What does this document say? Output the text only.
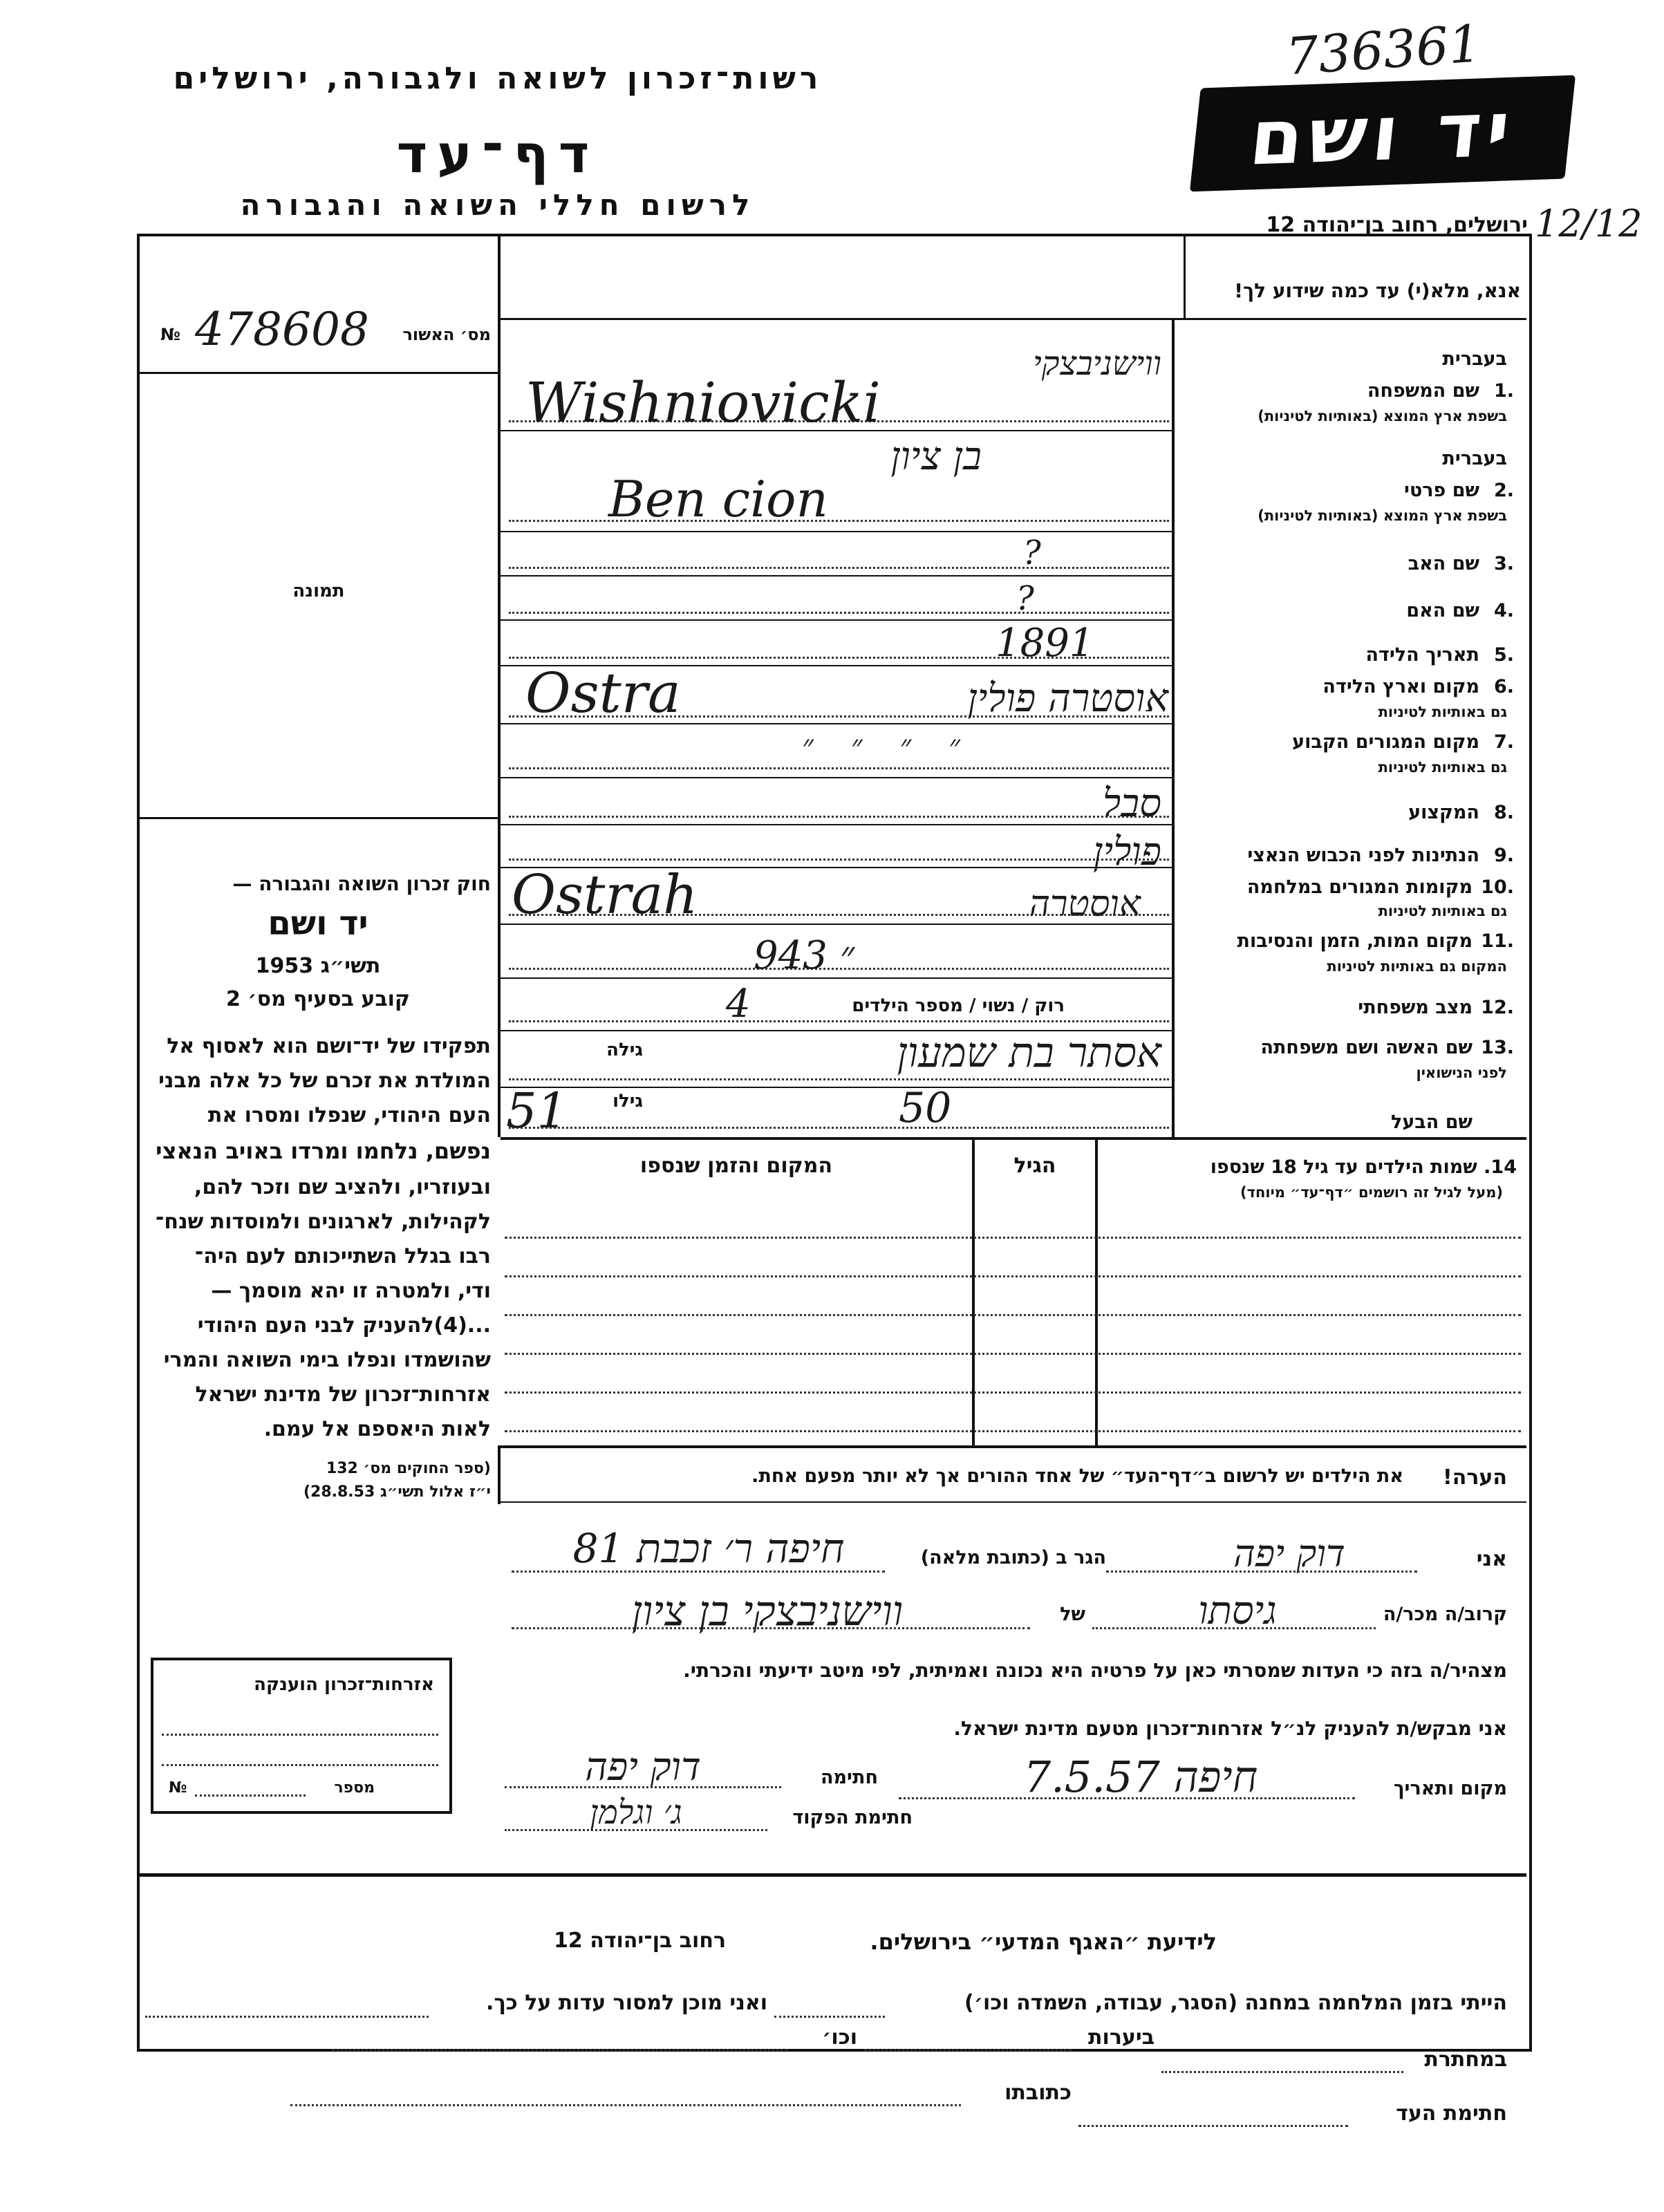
736361
רשות־זכרון לשואה ולגבורה, ירושלים
יד ושם
דף־עד
לרשום חללי השואה והגבורה
ירושלים, רחוב בן־יהודה 12 12/12
אנא, מלא(י) עד כמה שידוע לך!
מס׳ האשור
№ 478608
תמונה
חוק זכרון השואה והגבורה —
יד ושם
תשי״ג 1953
קובע בסעיף מס׳ 2
תפקידו של יד־ושם הוא לאסוף אל
המולדת את זכרם של כל אלה מבני
העם היהודי, שנפלו ומסרו את
נפשם, נלחמו ומרדו באויב הנאצי
ובעוזריו, ולהציב שם וזכר להם,
לקהילות, לארגונים ולמוסדות שנח־
רבו בגלל השתייכותם לעם היה־
ודי, ולמטרה זו יהא מוסמך —
...(4)להעניק לבני העם היהודי
שהושמדו ונפלו בימי השואה והמרי
אזרחות־זכרון של מדינת ישראל
לאות היאספם אל עמם.
(ספר החוקים מס׳ 132
י״ז אלול תשי״ג 28.8.53)
בעברית
1.
שם המשפחה
בשפת ארץ המוצא (באותיות לטיניות)
בעברית
2.
שם פרטי
בשפת ארץ המוצא (באותיות לטיניות)
3.
שם האב
4.
שם האם
5.
תאריך הלידה
6.
מקום וארץ הלידה
גם באותיות לטיניות
7.
מקום המגורים הקבוע
גם באותיות לטיניות
8.
המקצוע
9.
הנתינות לפני הכבוש הנאצי
10.
מקומות המגורים במלחמה
גם באותיות לטיניות
11.
מקום המות, הזמן והנסיבות
המקום גם באותיות לטיניות
12.
מצב משפחתי
13.
שם האשה ושם משפחתה
לפני הנישואין
שם הבעל
ווישניבצקי
Wishniovicki
בן ציון
Ben cion
?
?
1891
אוסטרה פולין
Ostra
״ ״ ״ ״
סבל
פולין
אוסטרה
Ostrah
״ 943
רוק / נשוי / מספר הילדים
4
גילה	אסתר בת שמעון
גילו	50
51
14. שמות הילדים עד גיל 18 שנספו
(מעל לגיל זה רושמים ״דף־עד״ מיוחד)
הגיל
המקום והזמן שנספו
הערה!
את הילדים יש לרשום ב״דף־העד״ של אחד ההורים אך לא יותר מפעם אחת.
אני
דוק יפה
הגר ב (כתובת מלאה)
חיפה ר׳ זכבת 81
קרוב/ה מכר/ה
גיסתו
של
ווישניבצקי בן ציון
מצהיר/ה בזה כי העדות שמסרתי כאן על פרטיה היא נכונה ואמיתית, לפי מיטב ידיעתי והכרתי.
אני מבקש/ת להעניק לנ״ל אזרחות־זכרון מטעם מדינת ישראל.
מקום ותאריך
חיפה 7.5.57
חתימה
דוק יפה
חתימת הפקוד
ג׳ וגלמן
אזרחות־זכרון הוענקה
מספר
№
לידיעת ״האגף המדעי״ בירושלים.
רחוב בן־יהודה 12
הייתי בזמן המלחמה במחנה (הסגר, עבודה, השמדה וכו׳)
ואני מוכן למסור עדות על כך.
במחתרת
ביערות
וכו׳
חתימת העד
כתובתו
